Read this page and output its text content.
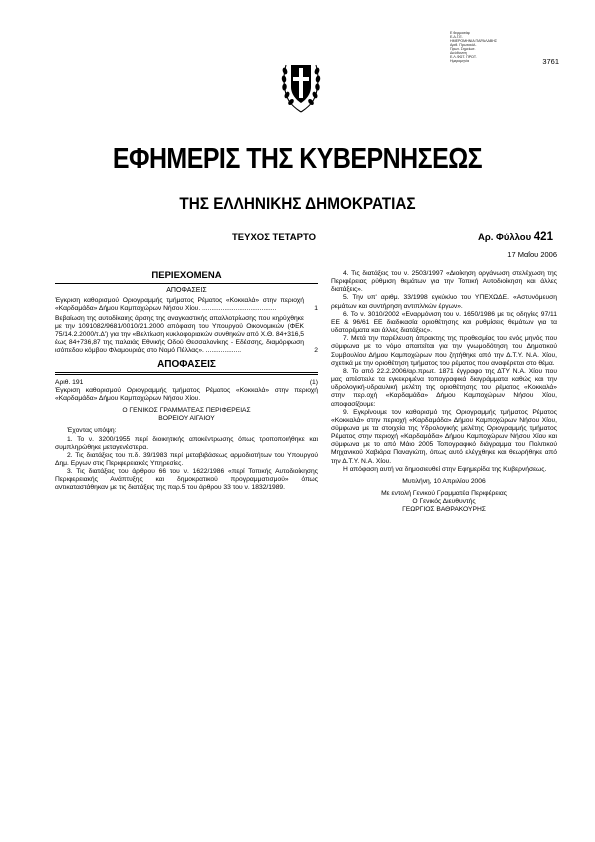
Ε θερμοσάφ
Ε.Δ.Γ.Ε.
ΗΜΕΡΟΜΗΝΙΑ ΠΑΡΑΛΑΒΗΣ
Αριθ. Πρωτοκόλ.
Πρωτ. Σημείωσ.
Διεύθυνση
Ε.Λ.ΦΩΤ. ΠΡΩΤ.
Ημερομηνία	3761
ΕΦΗΜΕΡΙΣ ΤΗΣ ΚΥΒΕΡΝΗΣΕΩΣ
ΤΗΣ ΕΛΛΗΝΙΚΗΣ ΔΗΜΟΚΡΑΤΙΑΣ
ΤΕΥΧΟΣ ΤΕΤΑΡΤΟ	Αρ. Φύλλου 421
17 Μαΐου 2006
ΠΕΡΙΕΧΟΜΕΝΑ
ΑΠΟΦΑΣΕΙΣ
Έγκριση καθορισμού Οριογραμμής τμήματος Ρέματος «Κοκκαλά» στην περιοχή «Καρδαμάδα» Δήμου Καμποχώρων Νήσου Χίου. ........................................	1
Βεβαίωση της αυτοδίκαιης άρσης της αναγκαστικής απαλλοτρίωσης που κηρύχθηκε με την 1091082/9681/0010/21.2000 απόφαση του Υπουργού Οικονομικών (ΦΕΚ 75/14.2.2000/τ.Δ') για την «Βελτίωση κυκλοφοριακών συνθηκών από Χ.Θ. 84+316,5 έως 84+736,87 της παλαιάς Εθνικής Οδού Θεσσαλονίκης - Εδέσσης, διαμόρφωση ισόπεδου κόμβου Φλαμουριάς στο Νομό Πέλλας». ...................	2
ΑΠΟΦΑΣΕΙΣ
Αριθ. 191	(1)
Έγκριση καθορισμού Οριογραμμής τμήματος Ρέματος «Κοκκαλά» στην περιοχή «Καρδαμάδα» Δήμου Καμποχώρων Νήσου Χίου.
Ο ΓΕΝΙΚΟΣ ΓΡΑΜΜΑΤΕΑΣ ΠΕΡΙΦΕΡΕΙΑΣ
ΒΟΡΕΙΟΥ ΑΙΓΑΙΟΥ

Έχοντας υπόψη:

1. Το ν. 3200/1955 περί διοικητικής αποκέντρωσης όπως τροποποιήθηκε και συμπληρώθηκε μεταγενέστερα.

2. Τις διατάξεις του π.δ. 39/1983 περί μεταβιβάσεως αρμοδιοτήτων του Υπουργού Δημ. Εργων στις Περιφερειακές Υπηρεσίες.

3. Τις διατάξεις του άρθρου 66 του ν. 1622/1986 «περί Τοπικής Αυτοδιοίκησης Περιφερειακής Ανάπτυξης και δημοκρατικού προγραμματισμού» όπως αντικαταστάθηκαν με τις διατάξεις της παρ.5 του άρθρου 33 του ν. 1832/1989.

4. Τις διατάξεις του ν. 2503/1997 «Διοίκηση οργάνωση στελέχωση της Περιφέρειας ρύθμιση θεμάτων για την Τοπική Αυτοδιοίκηση και άλλες διατάξεις».

5. Την υπ' αριθμ. 33/1998 εγκύκλιο του ΥΠΕΧΩΔΕ. «Αστυνόμευση ρεμάτων και συντήρηση αντιπλ/κών έργων».

6. Το ν. 3010/2002 «Εναρμόνιση του ν. 1650/1986 με τις οδηγίες 97/11 ΕΕ & 96/61 ΕΕ διαδικασία οριοθέτησης και ρυθμίσεις θεμάτων για τα υδατορέματα και άλλες διατάξεις».

7. Μετά την παρέλευση άπρακτης της προθεσμίας του ενός μηνός που σύμφωνα με το νόμο απαιτείται για την γνωμοδότηση του Δημοτικού Συμβουλίου Δήμου Καμποχώρων που ζητήθηκε από την Δ.Τ.Υ. Ν.Α. Χίου, σχετικά με την οριοθέτηση τμήματος του ρέματος που αναφέρεται στο θέμα.

8. Το από 22.2.2006/αρ.πρωτ. 1871 έγγραφο της ΔΤΥ Ν.Α. Χίου που μας απέστειλε τα εγκεκριμένα τοπογραφικά διαγράμματα καθώς και την υδρολογική-υδραυλική μελέτη της οριοθέτησης του ρέματος «Κοκκαλά» στην περ.οχή «Καρδαμάδα» Δήμου Καμποχώρων Νήσου Χίου, αποφασίζουμε:

9. Εγκρίνουμε τον καθορισμό της Οριογραμμής τμήματος Ρέματος «Κοκκαλά» στην περιοχή «Καρδαμάδα» Δήμου Καμποχώρων Νήσου Χίου, σύμφωνα με τα στοιχεία της Υδρολογικής μελέτης Οριογραμμής τμήματος Ρέματος στην περιοχή «Καρδαμάδα» Δήμου Καμποχώρων Νήσου Χίου και σύμφωνα με το από Μάιο 2005 Τοπογραφικό διάγραμμα του Πολιτικού Μηχανικού Χαβιάρα Παναγιώτη, όπως αυτό ελέγχθηκε και θεωρήθηκε από την Δ.Τ.Υ. Ν.Α. Χίου.

Η απόφαση αυτή να δημοσιευθεί στην Εφημερίδα της Κυβερνήσεως.

Μυτιλήνη, 10 Απριλίου 2006
Με εντολή Γενικού Γραμματέα Περιφέρειας
Ο Γενικός Διευθυντής
ΓΕΩΡΓΙΟΣ ΒΑΘΡΑΚΟΥΡΗΣ
